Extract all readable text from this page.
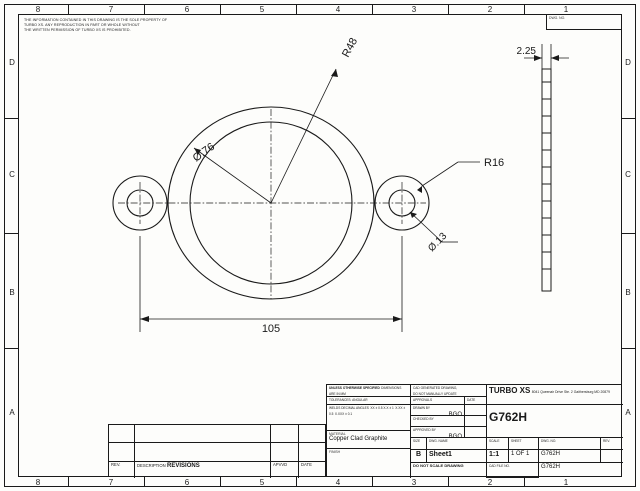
D
C
B
A
D
C
B
A
8	7	6	5	4	3	2	1
8	7	6	5	4	3	2	1
THE INFORMATION CONTAINED IN THIS DRAWING IS THE SOLE PROPERTY OF
TURBO XS. ANY REPRODUCTION IN PART OR WHOLE WITHOUT
THE WRITTEN PERMISSION OF TURBO XS IS PROHIBITED.
DWG. NO.
105
2.25
R48
R16
Ø.76
Ø.13
UNLESS OTHERWISE SPECIFIED DIMENSIONS ARE IN MM
TOLERANCES: ANGULAR
WELDS DECIMAL ANGLES XX ± 0.5 X.X ± 1 X.XX ± 0.5 X.XXX ± 0.1
MATERIAL
Copper Clad Graphite
FINISH
CAD GENERATED DRAWING,
DO NOT MANUALLY UPDATE
APPROVALS	DATE
DRAWN BY
BGO
CHECKED BY
APPROVED BY
BGO
SIZE	DWG. NAME
B	Sheet1
DO NOT SCALE DRAWING
TURBO XS 8041 Queenair Drive Ste. 2 Gaithersburg MD 20879
G762H
SCALE	SHEET	DWG. NO.	REV.
1:1	1 OF 1	G762H
CAD FILE NO.	G762H
REV.	DESCRIPTION REVISIONS	APVVD	DATE
